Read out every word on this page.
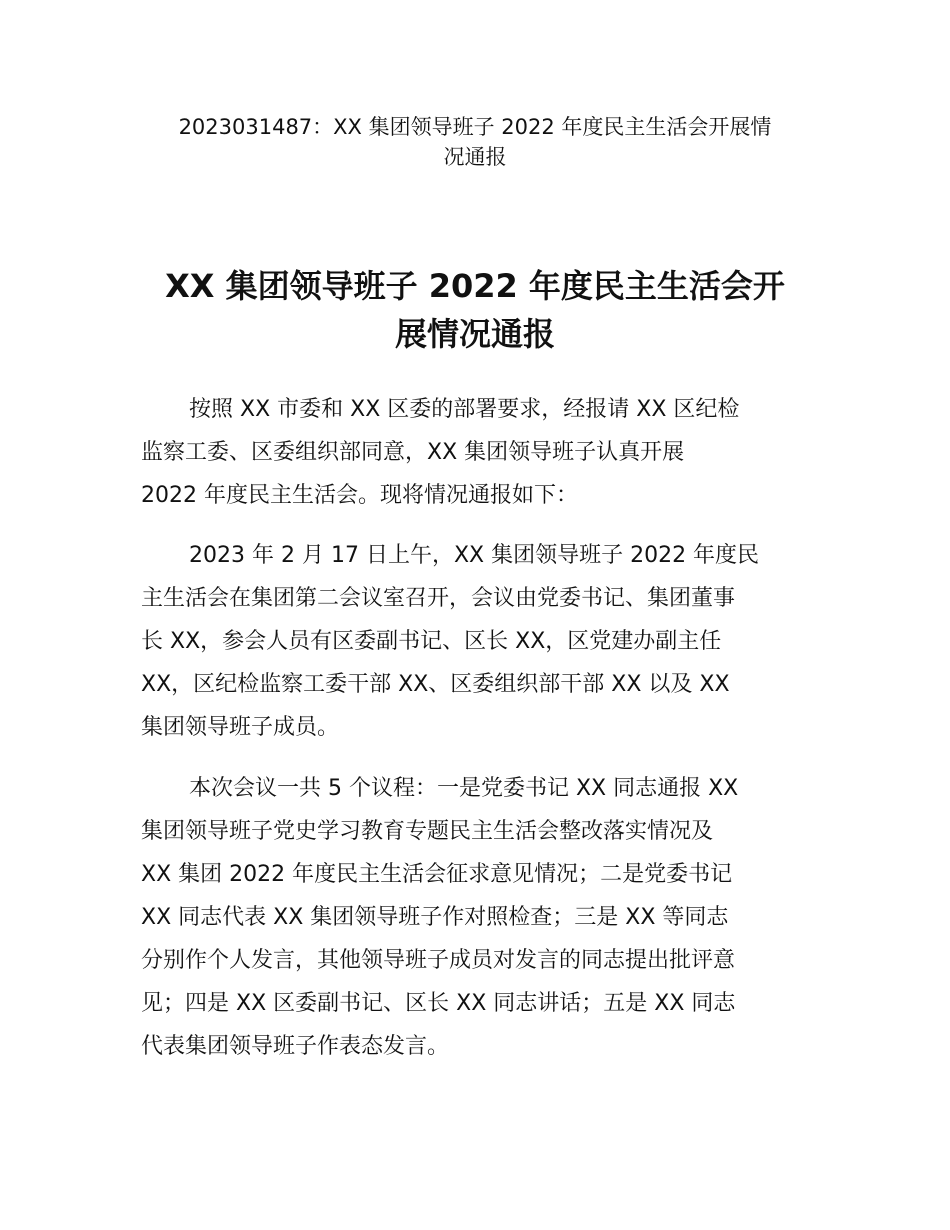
2023031487：XX 集团领导班子 2022 年度民主生活会开展情
况通报
XX 集团领导班子 2022 年度民主生活会开
展情况通报

按照 XX 市委和 XX 区委的部署要求，经报请 XX 区纪检
监察工委、区委组织部同意，XX 集团领导班子认真开展
2022 年度民主生活会。现将情况通报如下：

2023 年 2 月 17 日上午，XX 集团领导班子 2022 年度民
主生活会在集团第二会议室召开，会议由党委书记、集团董事
长 XX，参会人员有区委副书记、区长 XX，区党建办副主任
XX，区纪检监察工委干部 XX、区委组织部干部 XX 以及 XX
集团领导班子成员。

本次会议一共 5 个议程：一是党委书记 XX 同志通报 XX
集团领导班子党史学习教育专题民主生活会整改落实情况及
XX 集团 2022 年度民主生活会征求意见情况；二是党委书记
XX 同志代表 XX 集团领导班子作对照检查；三是 XX 等同志
分别作个人发言，其他领导班子成员对发言的同志提出批评意
见；四是 XX 区委副书记、区长 XX 同志讲话；五是 XX 同志
代表集团领导班子作表态发言。
